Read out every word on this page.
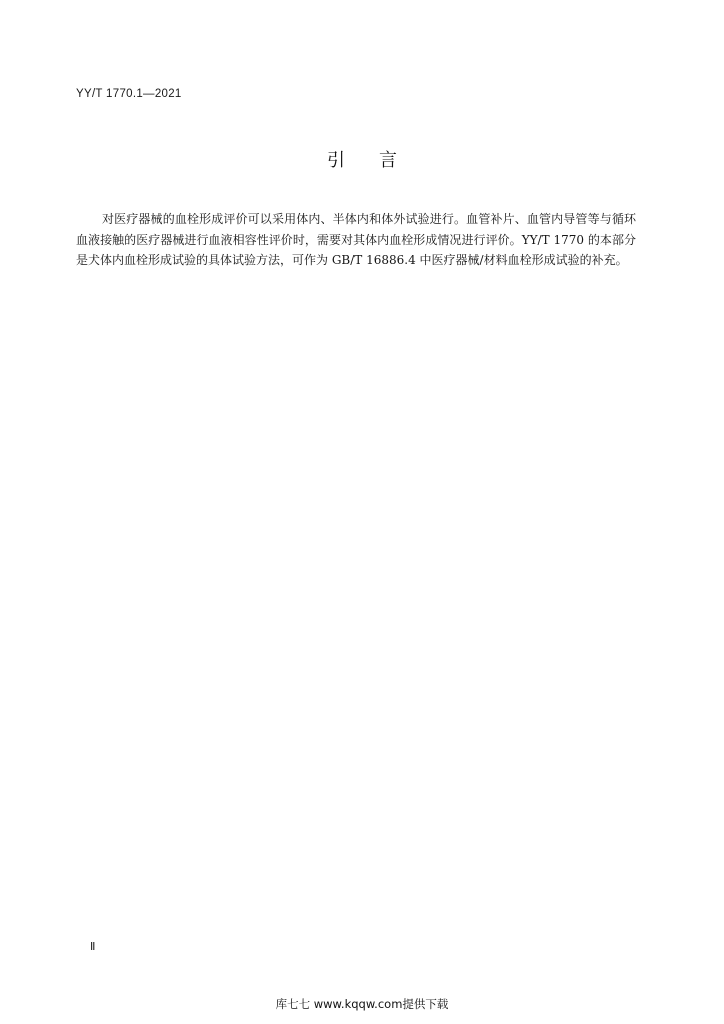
YY/T 1770.1—2021
引言

对医疗器械的血栓形成评价可以采用体内、半体内和体外试验进行。血管补片、血管内导管等与循环血液接触的医疗器械进行血液相容性评价时，需要对其体内血栓形成情况进行评价。YY/T 1770 的本部分是犬体内血栓形成试验的具体试验方法，可作为 GB/T 16886.4 中医疗器械/材料血栓形成试验的补充。

Ⅱ
库七七 www.kqqw.com提供下载
